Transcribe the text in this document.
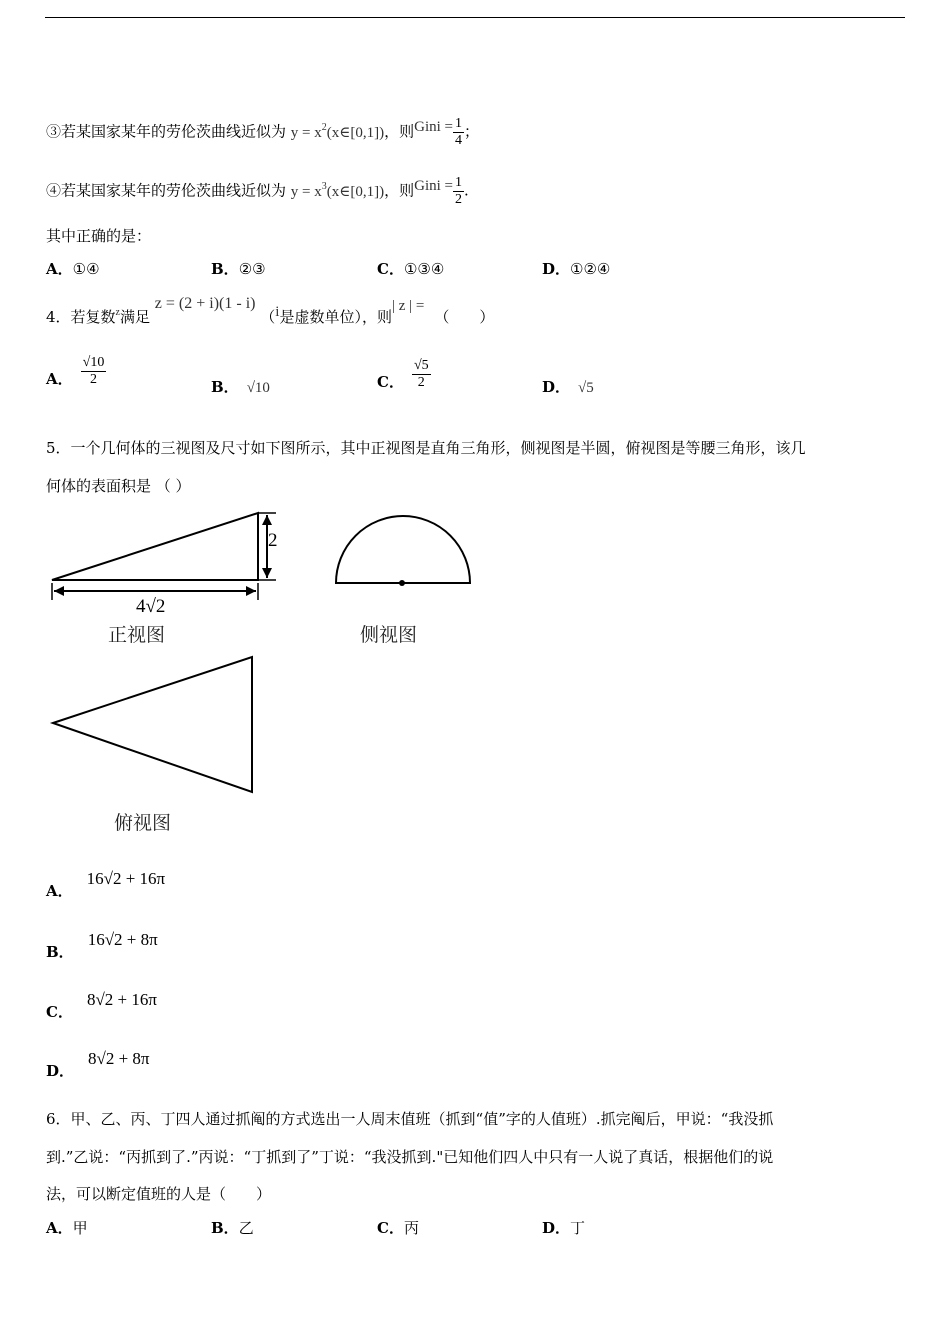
③若某国家某年的劳伦茨曲线近似为 $y = x^2(x\in[0,1])$，则Gini = $\frac{1}{4}$ ；
④若某国家某年的劳伦茨曲线近似为 $y = x^3(x\in[0,1])$，则Gini = $\frac{1}{2}$ .
其中正确的是：
A．①④	B．②③	C．①③④	D．①②④
4．若复数$^z$满足 z = (2 + i)(1 - i) （i是虚数单位），则| z | =（　　）
A． $\frac{√10}{2}$	B． √10	C． $\frac{√5}{2}$	D． √5
5．一个几何体的三视图及尺寸如下图所示，其中正视图是直角三角形，侧视图是半圆，俯视图是等腰三角形，该几
何体的表面积是 （ ）
2
4√2
正视图	侧视图
俯视图
A．16√2 + 16π
B．16√2 + 8π
C．8√2 + 16π
D．8√2 + 8π
6．甲、乙、丙、丁四人通过抓阄的方式选出一人周末值班（抓到“值”字的人值班）.抓完阄后，甲说：“我没抓
到.”乙说：“丙抓到了.”丙说：“丁抓到了”丁说：“我没抓到."已知他们四人中只有一人说了真话，根据他们的说
法，可以断定值班的人是（　　）
A．甲	B．乙	C．丙	D．丁
